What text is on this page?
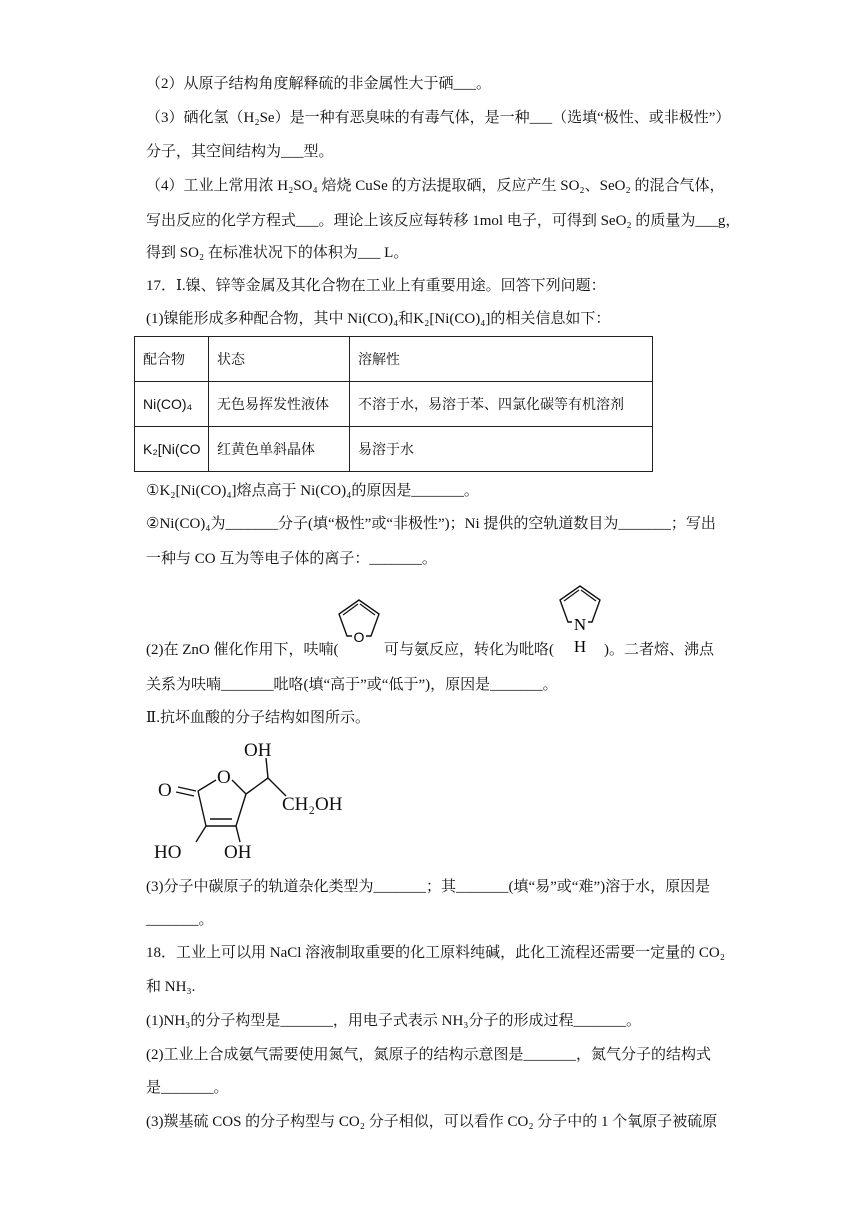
（2）从原子结构角度解释硫的非金属性大于硒___。
（3）硒化氢（H₂Se）是一种有恶臭味的有毒气体，是一种___（选填“极性、或非极性”）
分子，其空间结构为___型。
（4）工业上常用浓 H₂SO₄ 焙烧 CuSe 的方法提取硒，反应产生 SO₂、SeO₂ 的混合气体，
写出反应的化学方程式___。理论上该反应每转移 1mol 电子，可得到 SeO₂ 的质量为___g，
得到 SO₂ 在标准状况下的体积为___ L。
17．Ⅰ.镍、锌等金属及其化合物在工业上有重要用途。回答下列问题：
(1)镍能形成多种配合物，其中 Ni(CO)₄和K₂[Ni(CO)₄]的相关信息如下：
配合物	状态	溶解性
Ni(CO)₄	无色易挥发性液体	不溶于水，易溶于苯、四氯化碳等有机溶剂
K₂[Ni(CO	红黄色单斜晶体	易溶于水
①K₂[Ni(CO)₄]熔点高于 Ni(CO)₄的原因是_______。
②Ni(CO)₄为_______分子(填“极性”或“非极性”)；Ni 提供的空轨道数目为_______；写出
一种与 CO 互为等电子体的离子：_______。
(2)在 ZnO 催化作用下，呋喃(	可与氨反应，转化为吡咯(	)。二者熔、沸点
O
N
H
关系为呋喃_______吡咯(填“高于”或“低于”)，原因是_______。
Ⅱ.抗坏血酸的分子结构如图所示。
O
O
OH
CH₂OH
HO OH
(3)分子中碳原子的轨道杂化类型为_______；其_______(填“易”或“难”)溶于水，原因是
_______。
18．工业上可以用 NaCl 溶液制取重要的化工原料纯碱，此化工流程还需要一定量的 CO₂
和 NH₃.
(1)NH₃的分子构型是_______，用电子式表示 NH₃分子的形成过程_______。
(2)工业上合成氨气需要使用氮气，氮原子的结构示意图是_______，氮气分子的结构式
是_______。
(3)羰基硫 COS 的分子构型与 CO₂ 分子相似，可以看作 CO₂ 分子中的 1 个氧原子被硫原
